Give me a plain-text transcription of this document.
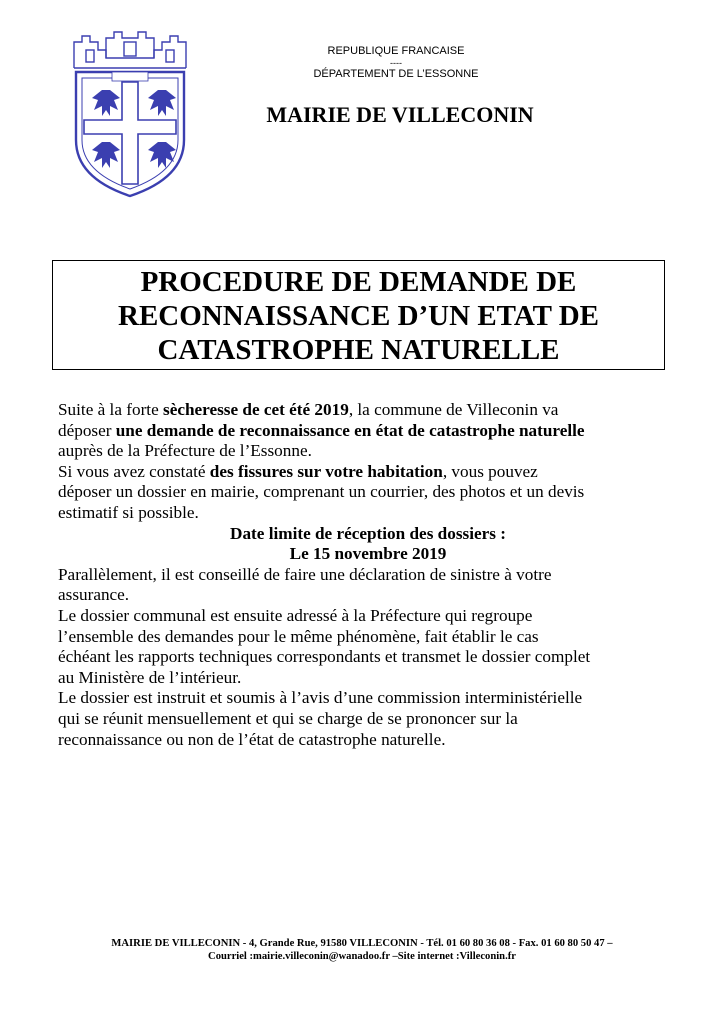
REPUBLIQUE FRANCAISE
----
DÉPARTEMENT DE L’ESSONNE
MAIRIE DE VILLECONIN
PROCEDURE DE DEMANDE DE
RECONNAISSANCE D’UN ETAT DE
CATASTROPHE NATURELLE
Suite à la forte sècheresse de cet été 2019, la commune de Villeconin va
déposer une demande de reconnaissance en état de catastrophe naturelle
auprès de la Préfecture de l’Essonne.
Si vous avez constaté des fissures sur votre habitation, vous pouvez
déposer un dossier en mairie, comprenant un courrier, des photos et un devis
estimatif si possible.
Date limite de réception des dossiers :
Le 15 novembre 2019
Parallèlement, il est conseillé de faire une déclaration de sinistre à votre
assurance.
Le dossier communal est ensuite adressé à la Préfecture qui regroupe
l’ensemble des demandes pour le même phénomène, fait établir le cas
échéant les rapports techniques correspondants et transmet le dossier complet
au Ministère de l’intérieur.
Le dossier est instruit et soumis à l’avis d’une commission interministérielle
qui se réunit mensuellement et qui se charge de se prononcer sur la
reconnaissance ou non de l’état de catastrophe naturelle.
MAIRIE DE VILLECONIN - 4, Grande Rue, 91580 VILLECONIN - Tél. 01 60 80 36 08 - Fax. 01 60 80 50 47 –
Courriel :mairie.villeconin@wanadoo.fr –Site internet :Villeconin.fr
